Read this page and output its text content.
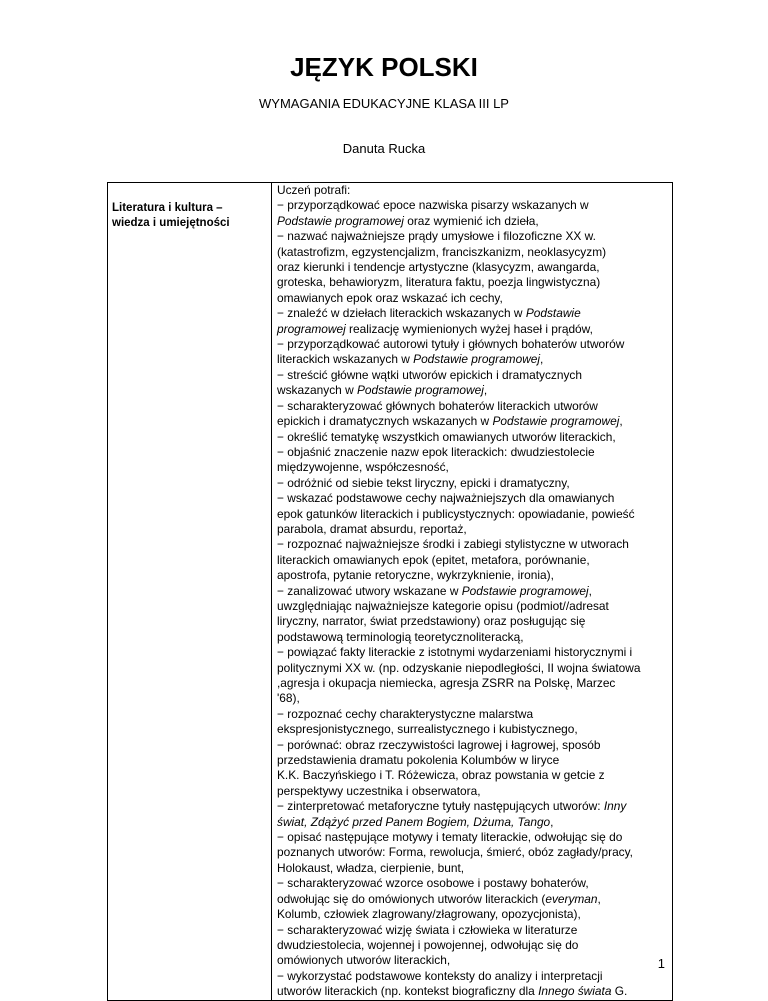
JĘZYK POLSKI
WYMAGANIA EDUKACYJNE KLASA III LP
Danuta Rucka
Literatura i kultura –
wiedza i umiejętności

Uczeń potrafi:
− przyporządkować epoce nazwiska pisarzy wskazanych w
Podstawie programowej oraz wymienić ich dzieła,
− nazwać najważniejsze prądy umysłowe i filozoficzne XX w.
(katastrofizm, egzystencjalizm, franciszkanizm, neoklasycyzm)
oraz kierunki i tendencje artystyczne (klasycyzm, awangarda,
groteska, behawioryzm, literatura faktu, poezja lingwistyczna)
omawianych epok oraz wskazać ich cechy,
− znaleźć w dziełach literackich wskazanych w Podstawie
programowej realizację wymienionych wyżej haseł i prądów,
− przyporządkować autorowi tytuły i głównych bohaterów utworów
literackich wskazanych w Podstawie programowej,
− streścić główne wątki utworów epickich i dramatycznych
wskazanych w Podstawie programowej,
− scharakteryzować głównych bohaterów literackich utworów
epickich i dramatycznych wskazanych w Podstawie programowej,
− określić tematykę wszystkich omawianych utworów literackich,
− objaśnić znaczenie nazw epok literackich: dwudziestolecie
międzywojenne, współczesność,
− odróżnić od siebie tekst liryczny, epicki i dramatyczny,
− wskazać podstawowe cechy najważniejszych dla omawianych
epok gatunków literackich i publicystycznych: opowiadanie, powieść
parabola, dramat absurdu, reportaż,
− rozpoznać najważniejsze środki i zabiegi stylistyczne w utworach
literackich omawianych epok (epitet, metafora, porównanie,
apostrofa, pytanie retoryczne, wykrzyknienie, ironia),
− zanalizować utwory wskazane w Podstawie programowej,
uwzględniając najważniejsze kategorie opisu (podmiot//adresat
liryczny, narrator, świat przedstawiony) oraz posługując się
podstawową terminologią teoretycznoliteracką,
− powiązać fakty literackie z istotnymi wydarzeniami historycznymi i
politycznymi XX w. (np. odzyskanie niepodległości, II wojna światowa
,agresja i okupacja niemiecka, agresja ZSRR na Polskę, Marzec
'68),
− rozpoznać cechy charakterystyczne malarstwa
ekspresjonistycznego, surrealistycznego i kubistycznego,
− porównać: obraz rzeczywistości lagrowej i łagrowej, sposób
przedstawienia dramatu pokolenia Kolumbów w liryce
K.K. Baczyńskiego i T. Różewicza, obraz powstania w getcie z
perspektywy uczestnika i obserwatora,
− zinterpretować metaforyczne tytuły następujących utworów: Inny
świat, Zdążyć przed Panem Bogiem, Dżuma, Tango,
− opisać następujące motywy i tematy literackie, odwołując się do
poznanych utworów: Forma, rewolucja, śmierć, obóz zagłady/pracy,
Holokaust, władza, cierpienie, bunt,
− scharakteryzować wzorce osobowe i postawy bohaterów,
odwołując się do omówionych utworów literackich (everyman,
Kolumb, człowiek zlagrowany/złagrowany, opozycjonista),
− scharakteryzować wizję świata i człowieka w literaturze
dwudziestolecia, wojennej i powojennej, odwołując się do
omówionych utworów literackich,
− wykorzystać podstawowe konteksty do analizy i interpretacji
utworów literackich (np. kontekst biograficzny dla Innego świata G.
1
